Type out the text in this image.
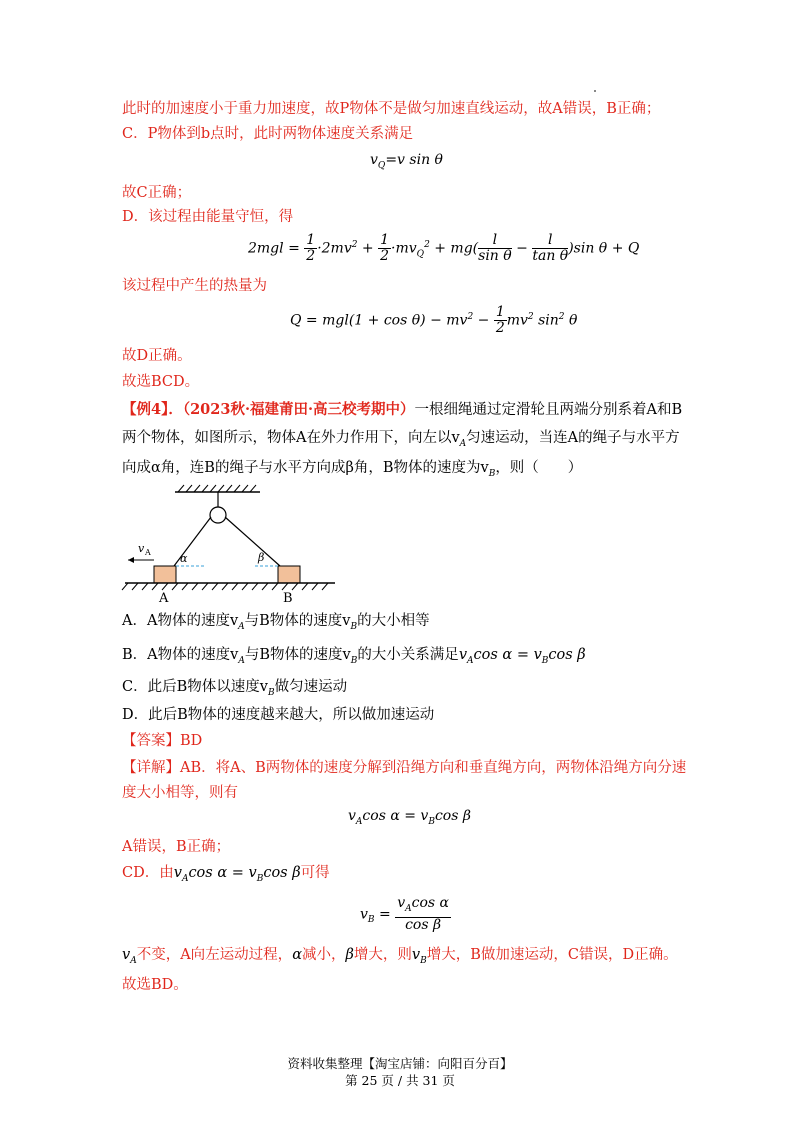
此时的加速度小于重力加速度，故P物体不是做匀加速直线运动，故A错误，B正确；
C．P物体到b点时，此时两物体速度关系满足
$v_Q=v$ sin θ
故C正确；
D．该过程由能量守恒，得
$2mgl = \frac{1}{2} \cdot 2mv^2 + \frac{1}{2} \cdot mv_Q^2 + mg( \frac{l}{\text{sin θ}} - \frac{l}{\text{tan θ}} )\sin$ θ + Q
该过程中产生的热量为
$Q = mgl(1 + \cos \theta) - mv^2 - \frac{1}{2} mv^2$ $\sin^2 \theta$
故D正确。
故选BCD。
【例4】．（2023秋·福建莆田·高三校考期中）一根细绳通过定滑轮且两端分别系着A和B
两个物体，如图所示，物体A在外力作用下，向左以$v_A$匀速运动，当连A的绳子与水平方
向成α角，连B的绳子与水平方向成β角，B物体的速度为$v_B$，则（　　）
v A	α	β
A	B
A．A物体的速度$v_A$与B物体的速度$v_B$的大小相等
B．A物体的速度$v_A$与B物体的速度$v_B$的大小关系满足$v_A\cos$ $\alpha = v_B\cos$ β
C．此后B物体以速度$v_B$做匀速运动
D．此后B物体的速度越来越大，所以做加速运动
【答案】BD
【详解】AB．将A、B两物体的速度分解到沿绳方向和垂直绳方向，两物体沿绳方向分速
度大小相等，则有
$v_A\cos$ $\alpha = v_B\cos$ β
A错误，B正确；
CD．由$v_A\cos$ $\alpha = v_B\cos$ β可得
$v_B = \frac{v_A\cos \alpha}{\text{cos β}}$
$v_A$不变，A向左运动过程，α减小，β增大，则$v_B$增大，B做加速运动，C错误，D正确。
故选BD。
资料收集整理【淘宝店铺：向阳百分百】
第 25 页 / 共 31 页
